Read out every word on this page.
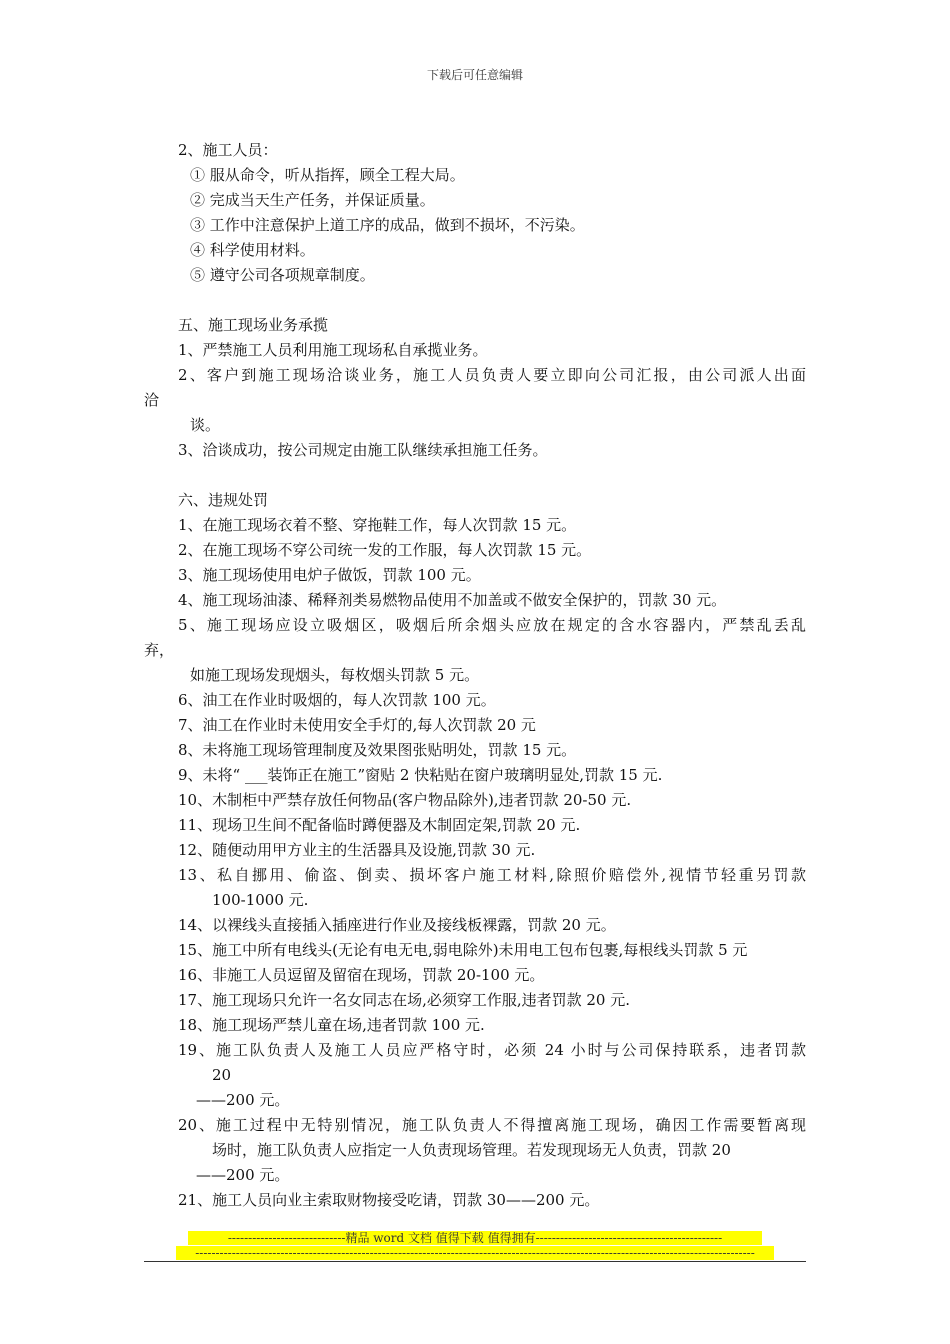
下载后可任意编辑
2、施工人员：
① 服从命令，听从指挥，顾全工程大局。
② 完成当天生产任务，并保证质量。
③ 工作中注意保护上道工序的成品，做到不损坏，不污染。
④ 科学使用材料。
⑤ 遵守公司各项规章制度。
五、施工现场业务承揽
1、严禁施工人员利用施工现场私自承揽业务。
2、客户到施工现场洽谈业务，施工人员负责人要立即向公司汇报，由公司派人出面
洽
谈。
3、洽谈成功，按公司规定由施工队继续承担施工任务。
六、违规处罚
1、在施工现场衣着不整、穿拖鞋工作，每人次罚款 15 元。
2、在施工现场不穿公司统一发的工作服，每人次罚款 15 元。
3、施工现场使用电炉子做饭，罚款 100 元。
4、施工现场油漆、稀释剂类易燃物品使用不加盖或不做安全保护的，罚款 30 元。
5、施工现场应设立吸烟区，吸烟后所余烟头应放在规定的含水容器内，严禁乱丢乱
弃，
如施工现场发现烟头，每枚烟头罚款 5 元。
6、油工在作业时吸烟的，每人次罚款 100 元。
7、油工在作业时未使用安全手灯的,每人次罚款 20 元
8、未将施工现场管理制度及效果图张贴明处，罚款 15 元。
9、未将“ ___装饰正在施工”窗贴 2 快粘贴在窗户玻璃明显处,罚款 15 元.
10、木制柜中严禁存放任何物品(客户物品除外),违者罚款 20-50 元.
11、现场卫生间不配备临时蹲便器及木制固定架,罚款 20 元.
12、随便动用甲方业主的生活器具及设施,罚款 30 元.
13、私自挪用、偷盗、倒卖、损坏客户施工材料,除照价赔偿外,视情节轻重另罚款
100-1000 元.
14、以裸线头直接插入插座进行作业及接线板裸露，罚款 20 元。
15、施工中所有电线头(无论有电无电,弱电除外)未用电工包布包裹,每根线头罚款 5 元
16、非施工人员逗留及留宿在现场，罚款 20-100 元。
17、施工现场只允许一名女同志在场,必须穿工作服,违者罚款 20 元.
18、施工现场严禁儿童在场,违者罚款 100 元.
19、施工队负责人及施工人员应严格守时，必须 24 小时与公司保持联系，违者罚款
20
——200 元。
20、施工过程中无特别情况，施工队负责人不得擅离施工现场，确因工作需要暂离现
场时，施工队负责人应指定一人负责现场管理。若发现现场无人负责，罚款 20
——200 元。
21、施工人员向业主索取财物接受吃请，罚款 30——200 元。
-----------------------------精品 word 文档 值得下载 值得拥有----------------------------------------------
------------------------------------------------------------------------------------------------------------------------------------------
